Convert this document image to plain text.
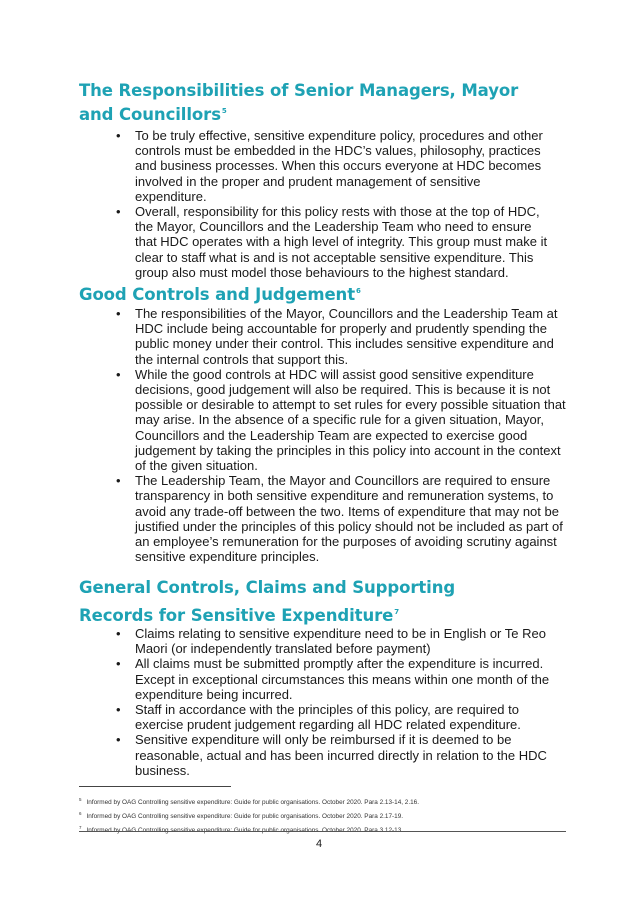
The Responsibilities of Senior Managers, Mayor and Councillors$^5$
• To be truly effective, sensitive expenditure policy, procedures and other controls must be embedded in the HDC’s values, philosophy, practices and business processes. When this occurs everyone at HDC becomes involved in the proper and prudent management of sensitive expenditure.
• Overall, responsibility for this policy rests with those at the top of HDC, the Mayor, Councillors and the Leadership Team who need to ensure that HDC operates with a high level of integrity. This group must make it clear to staff what is and is not acceptable sensitive expenditure. This group also must model those behaviours to the highest standard.
Good Controls and Judgement$^6$
• The responsibilities of the Mayor, Councillors and the Leadership Team at HDC include being accountable for properly and prudently spending the public money under their control. This includes sensitive expenditure and the internal controls that support this.
• While the good controls at HDC will assist good sensitive expenditure decisions, good judgement will also be required. This is because it is not possible or desirable to attempt to set rules for every possible situation that may arise. In the absence of a specific rule for a given situation, Mayor, Councillors and the Leadership Team are expected to exercise good judgement by taking the principles in this policy into account in the context of the given situation.
• The Leadership Team, the Mayor and Councillors are required to ensure transparency in both sensitive expenditure and remuneration systems, to avoid any trade-off between the two. Items of expenditure that may not be justified under the principles of this policy should not be included as part of an employee’s remuneration for the purposes of avoiding scrutiny against sensitive expenditure principles.
General Controls, Claims and Supporting Records for Sensitive Expenditure$^7$
• Claims relating to sensitive expenditure need to be in English or Te Reo Maori (or independently translated before payment)
• All claims must be submitted promptly after the expenditure is incurred. Except in exceptional circumstances this means within one month of the expenditure being incurred.
• Staff in accordance with the principles of this policy, are required to exercise prudent judgement regarding all HDC related expenditure.
• Sensitive expenditure will only be reimbursed if it is deemed to be reasonable, actual and has been incurred directly in relation to the HDC business.
$^5$ Informed by OAG Controlling sensitive expenditure: Guide for public organisations. October 2020. Para 2.13-14, 2.16.
$^6$ Informed by OAG Controlling sensitive expenditure: Guide for public organisations. October 2020. Para 2.17-19.
$^7$
4
